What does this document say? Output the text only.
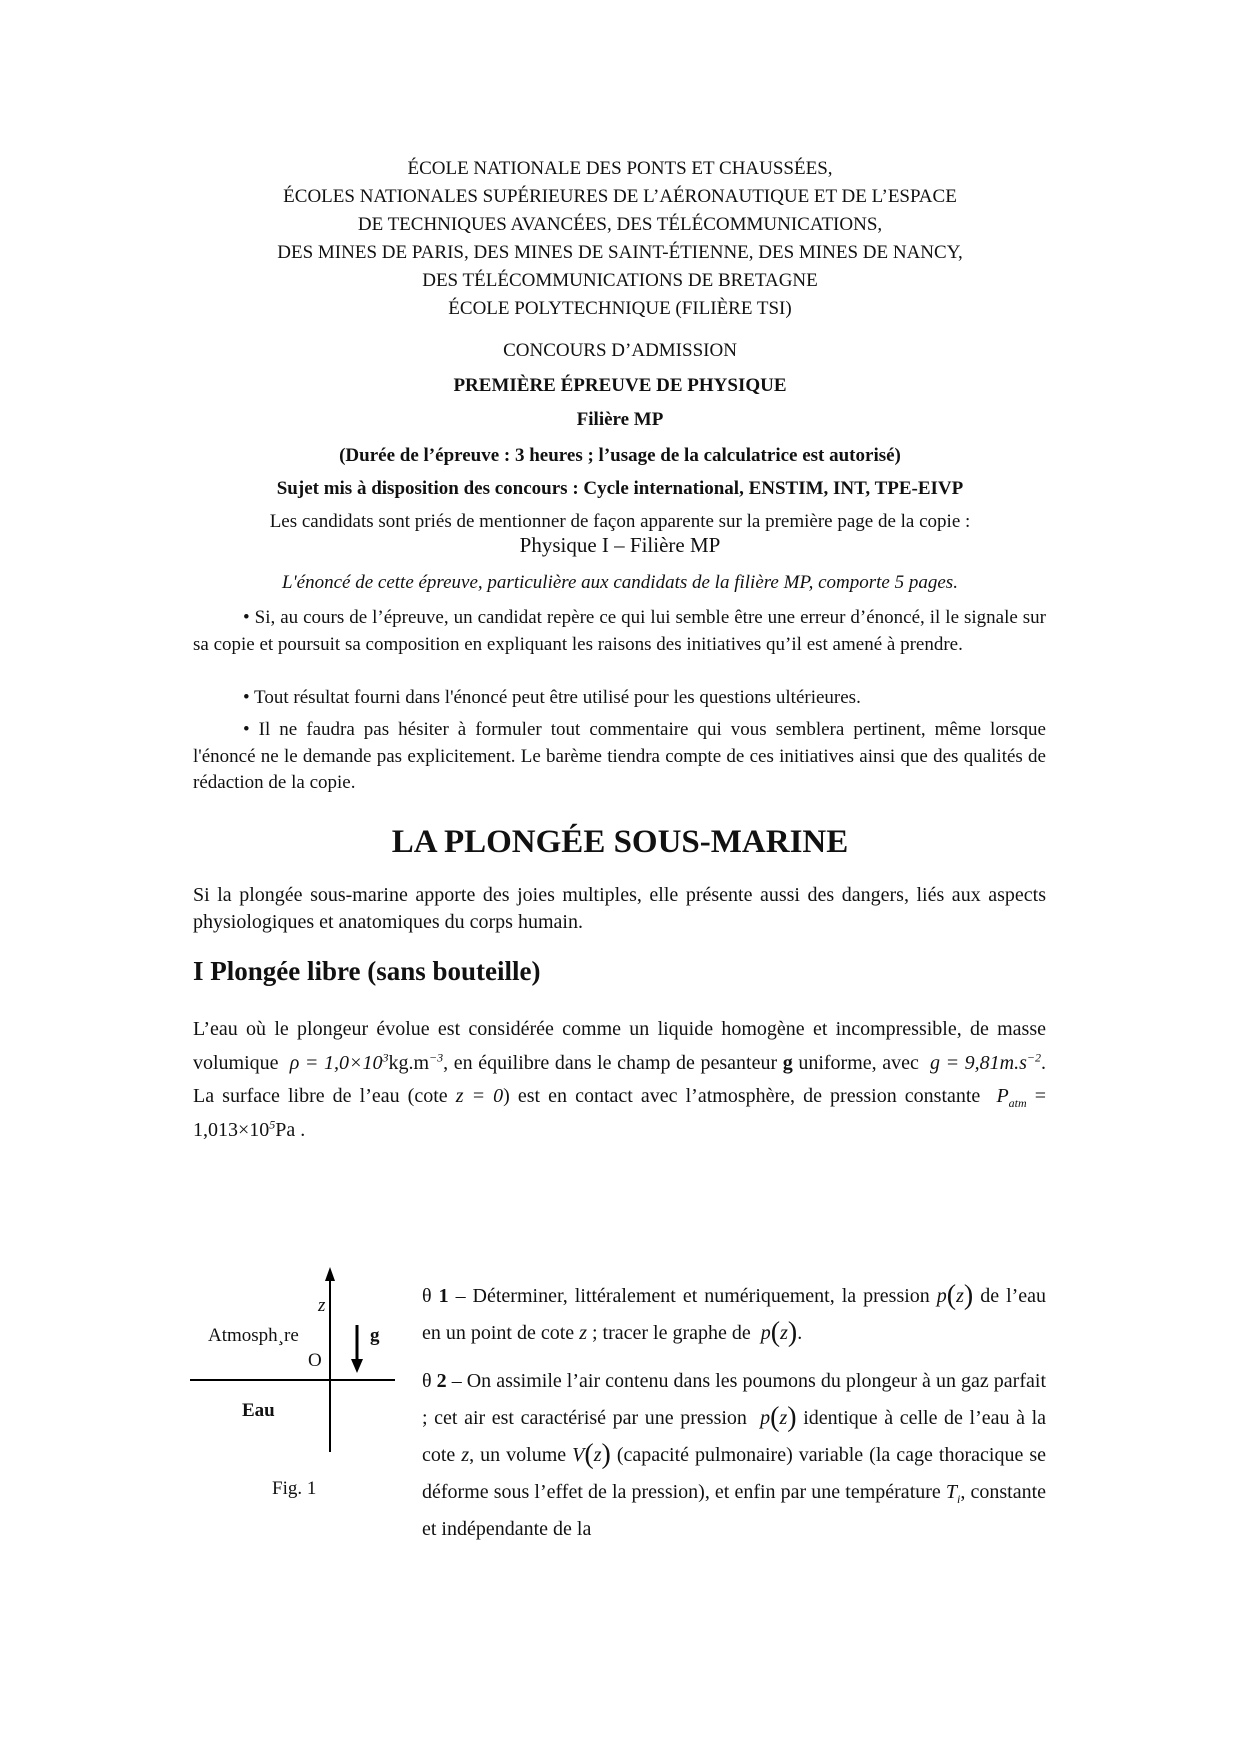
ÉCOLE NATIONALE DES PONTS ET CHAUSSÉES,
ÉCOLES NATIONALES SUPÉRIEURES DE L’AÉRONAUTIQUE ET DE L’ESPACE
DE TECHNIQUES AVANCÉES, DES TÉLÉCOMMUNICATIONS,
DES MINES DE PARIS, DES MINES DE SAINT-ÉTIENNE, DES MINES DE NANCY,
DES TÉLÉCOMMUNICATIONS DE BRETAGNE
ÉCOLE POLYTECHNIQUE (FILIÈRE TSI)
CONCOURS D’ADMISSION
PREMIÈRE ÉPREUVE DE PHYSIQUE
Filière MP
(Durée de l’épreuve : 3 heures ; l’usage de la calculatrice est autorisé)
Sujet mis à disposition des concours : Cycle international, ENSTIM, INT, TPE-EIVP
Les candidats sont priés de mentionner de façon apparente sur la première page de la copie :
Physique I – Filière MP
L'énoncé de cette épreuve, particulière aux candidats de la filière MP, comporte 5 pages.
• Si, au cours de l’épreuve, un candidat repère ce qui lui semble être une erreur d’énoncé, il le signale sur sa copie et poursuit sa composition en expliquant les raisons des initiatives qu’il est amené à prendre.
• Tout résultat fourni dans l'énoncé peut être utilisé pour les questions ultérieures.
• Il ne faudra pas hésiter à formuler tout commentaire qui vous semblera pertinent, même lorsque l'énoncé ne le demande pas explicitement. Le barème tiendra compte de ces initiatives ainsi que des qualités de rédaction de la copie.
LA PLONGÉE SOUS-MARINE
Si la plongée sous-marine apporte des joies multiples, elle présente aussi des dangers, liés aux aspects physiologiques et anatomiques du corps humain.
I Plongée libre (sans bouteille)
L’eau où le plongeur évolue est considérée comme un liquide homogène et incompressible, de masse volumique $\rho = 1,0\times 10^3kg.m^{-3}$, en équilibre dans le champ de pesanteur g uniforme, avec $g = 9,81m.s^{-2}$. La surface libre de l’eau (cote z = 0) est en contact avec l’atmosphère, de pression constante $P_{atm} = 1,013\times 10^5Pa$ .
z
Atmosph¸re	g
O
Eau
Fig. 1
θ 1 – Déterminer, littéralement et numériquement, la pression p(z) de l’eau en un point de cote z ; tracer le graphe de p(z).
θ 2 – On assimile l’air contenu dans les poumons du plongeur à un gaz parfait ; cet air est caractérisé par une pression p(z) identique à celle de l’eau à la cote z, un volume V(z) (capacité pulmonaire) variable (la cage thoracique se déforme sous l’effet de la pression), et enfin par une température $T_i$, constante et indépendante de la
